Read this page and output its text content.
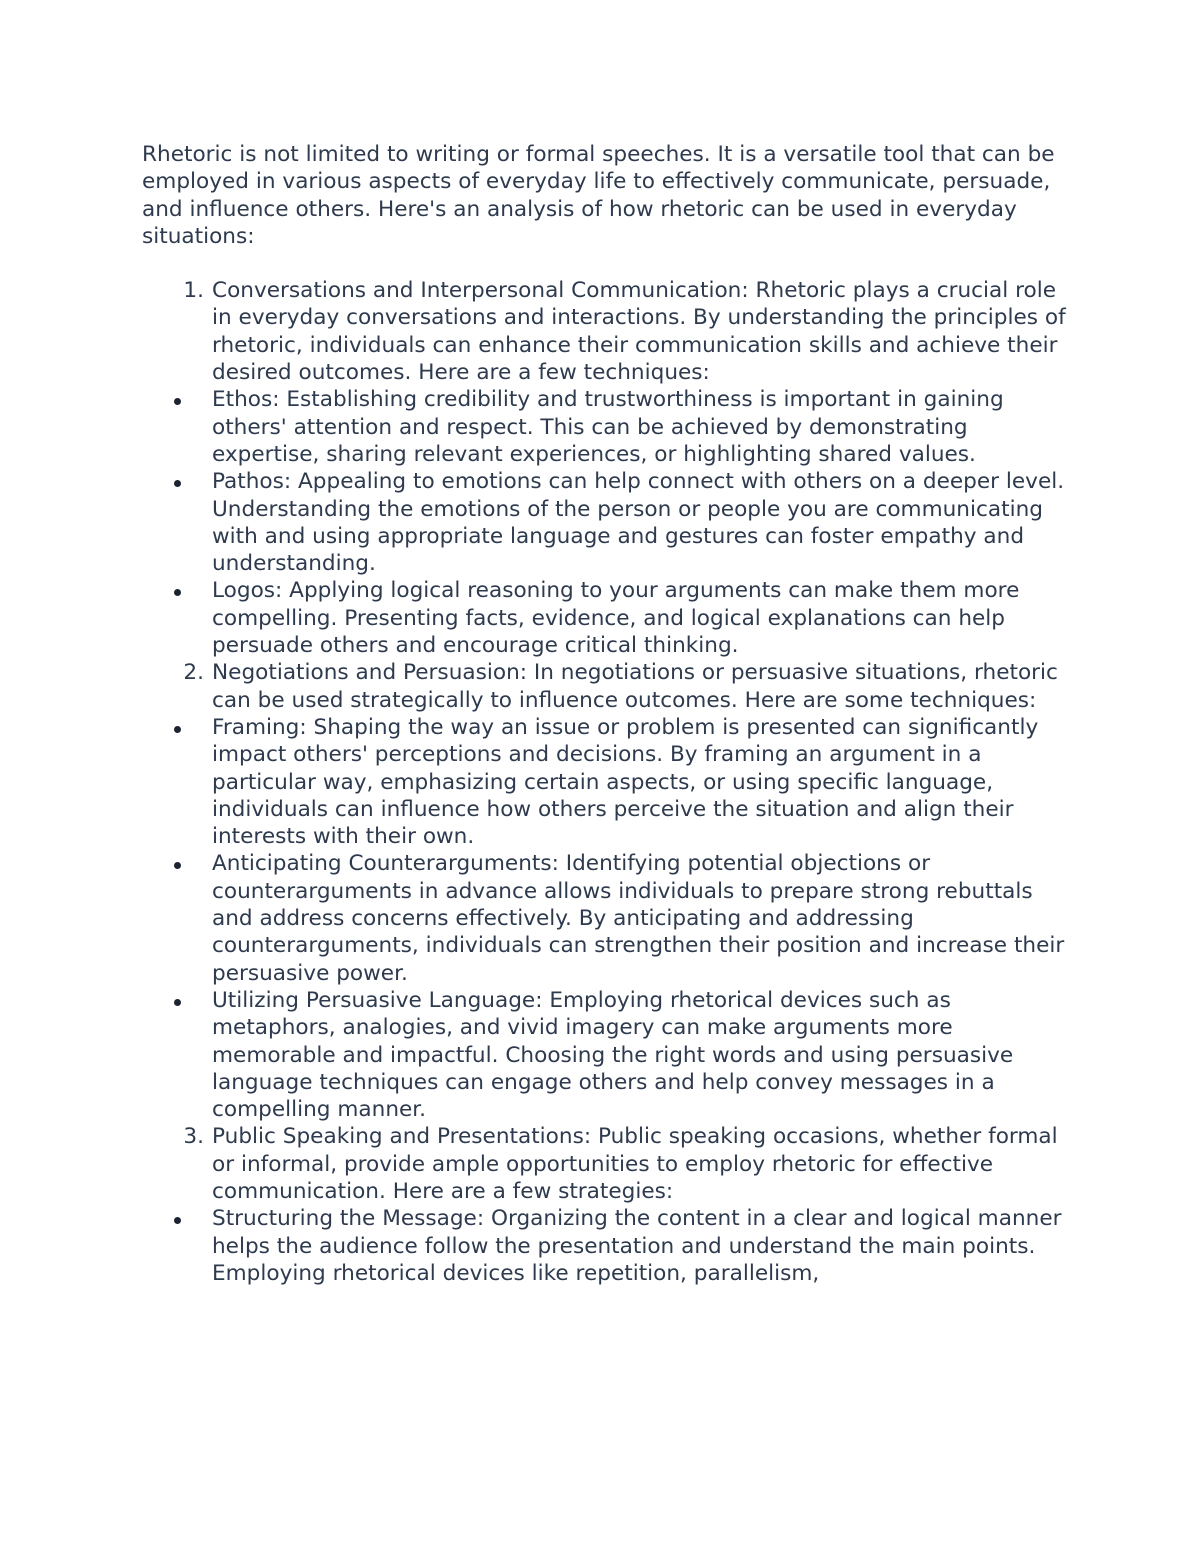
Rhetoric is not limited to writing or formal speeches. It is a versatile tool that can be employed in various aspects of everyday life to effectively communicate, persuade, and influence others. Here's an analysis of how rhetoric can be used in everyday situations:

1. Conversations and Interpersonal Communication: Rhetoric plays a crucial role in everyday conversations and interactions. By understanding the principles of rhetoric, individuals can enhance their communication skills and achieve their desired outcomes. Here are a few techniques:
Ethos: Establishing credibility and trustworthiness is important in gaining others' attention and respect. This can be achieved by demonstrating expertise, sharing relevant experiences, or highlighting shared values.
Pathos: Appealing to emotions can help connect with others on a deeper level. Understanding the emotions of the person or people you are communicating with and using appropriate language and gestures can foster empathy and understanding.
Logos: Applying logical reasoning to your arguments can make them more compelling. Presenting facts, evidence, and logical explanations can help persuade others and encourage critical thinking.
2. Negotiations and Persuasion: In negotiations or persuasive situations, rhetoric can be used strategically to influence outcomes. Here are some techniques:
Framing: Shaping the way an issue or problem is presented can significantly impact others' perceptions and decisions. By framing an argument in a particular way, emphasizing certain aspects, or using specific language, individuals can influence how others perceive the situation and align their interests with their own.
Anticipating Counterarguments: Identifying potential objections or counterarguments in advance allows individuals to prepare strong rebuttals and address concerns effectively. By anticipating and addressing counterarguments, individuals can strengthen their position and increase their persuasive power.
Utilizing Persuasive Language: Employing rhetorical devices such as metaphors, analogies, and vivid imagery can make arguments more memorable and impactful. Choosing the right words and using persuasive language techniques can engage others and help convey messages in a compelling manner.
3. Public Speaking and Presentations: Public speaking occasions, whether formal or informal, provide ample opportunities to employ rhetoric for effective communication. Here are a few strategies:
Structuring the Message: Organizing the content in a clear and logical manner helps the audience follow the presentation and understand the main points. Employing rhetorical devices like repetition, parallelism,
